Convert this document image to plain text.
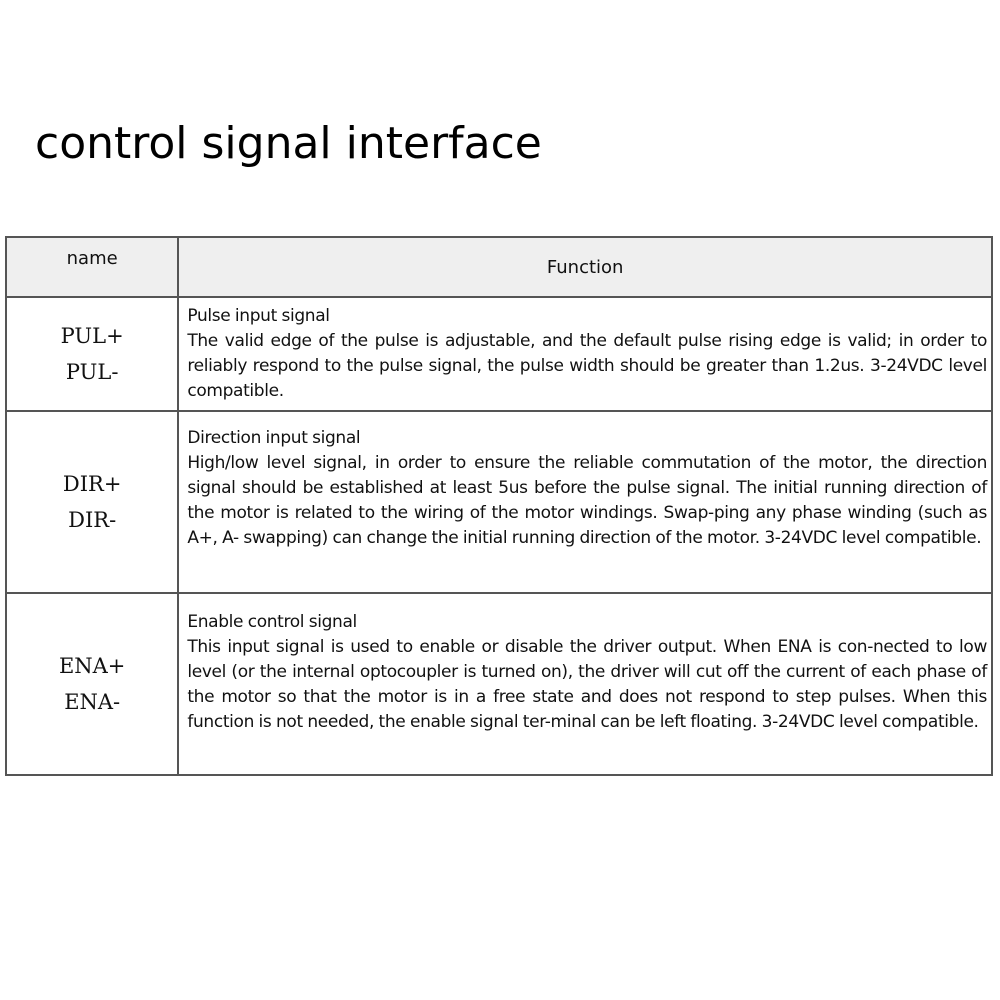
control signal interface
name	Function

PUL+
PUL-	Pulse input signal
The valid edge of the pulse is adjustable, and the default pulse rising edge is valid; in order to reliably respond to the pulse signal, the pulse width should be greater than 1.2us. 3-24VDC level compatible.

DIR+
DIR-	Direction input signal
High/low level signal, in order to ensure the reliable commutation of the motor, the direction signal should be established at least 5us before the pulse signal. The initial running direction of the motor is related to the wiring of the motor windings. Swap-ping any phase winding (such as A+, A- swapping) can change the initial running direction of the motor. 3-24VDC level compatible.

ENA+
ENA-	Enable control signal
This input signal is used to enable or disable the driver output. When ENA is con-nected to low level (or the internal optocoupler is turned on), the driver will cut off the current of each phase of the motor so that the motor is in a free state and does not respond to step pulses. When this function is not needed, the enable signal ter-minal can be left floating. 3-24VDC level compatible.
